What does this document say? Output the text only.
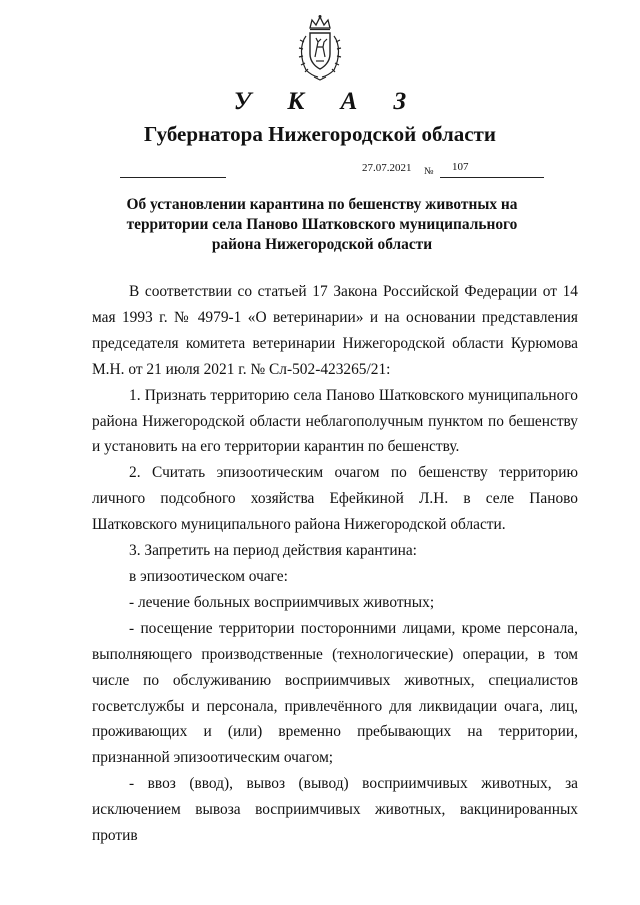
У К А З
Губернатора Нижегородской области
27.07.2021 № 107
Об установлении карантина по бешенству животных на
территории села Паново Шатковского муниципального
района Нижегородской области

В соответствии со статьей 17 Закона Российской Федерации от 14 мая 1993 г. № 4979-1 «О ветеринарии» и на основании представления председателя комитета ветеринарии Нижегородской области Курюмова М.Н. от 21 июля 2021 г. № Сл-502-423265/21:

1. Признать территорию села Паново Шатковского муниципального района Нижегородской области неблагополучным пунктом по бешенству и установить на его территории карантин по бешенству.

2. Считать эпизоотическим очагом по бешенству территорию личного подсобного хозяйства Ефейкиной Л.Н. в селе Паново Шатковского муниципального района Нижегородской области.

3. Запретить на период действия карантина:

в эпизоотическом очаге:

- лечение больных восприимчивых животных;

- посещение территории посторонними лицами, кроме персонала, выполняющего производственные (технологические) операции, в том числе по обслуживанию восприимчивых животных, специалистов госветслужбы и персонала, привлечённого для ликвидации очага, лиц, проживающих и (или) временно пребывающих на территории, признанной эпизоотическим очагом;

- ввоз (ввод), вывоз (вывод) восприимчивых животных, за исключением вывоза восприимчивых животных, вакцинированных против
